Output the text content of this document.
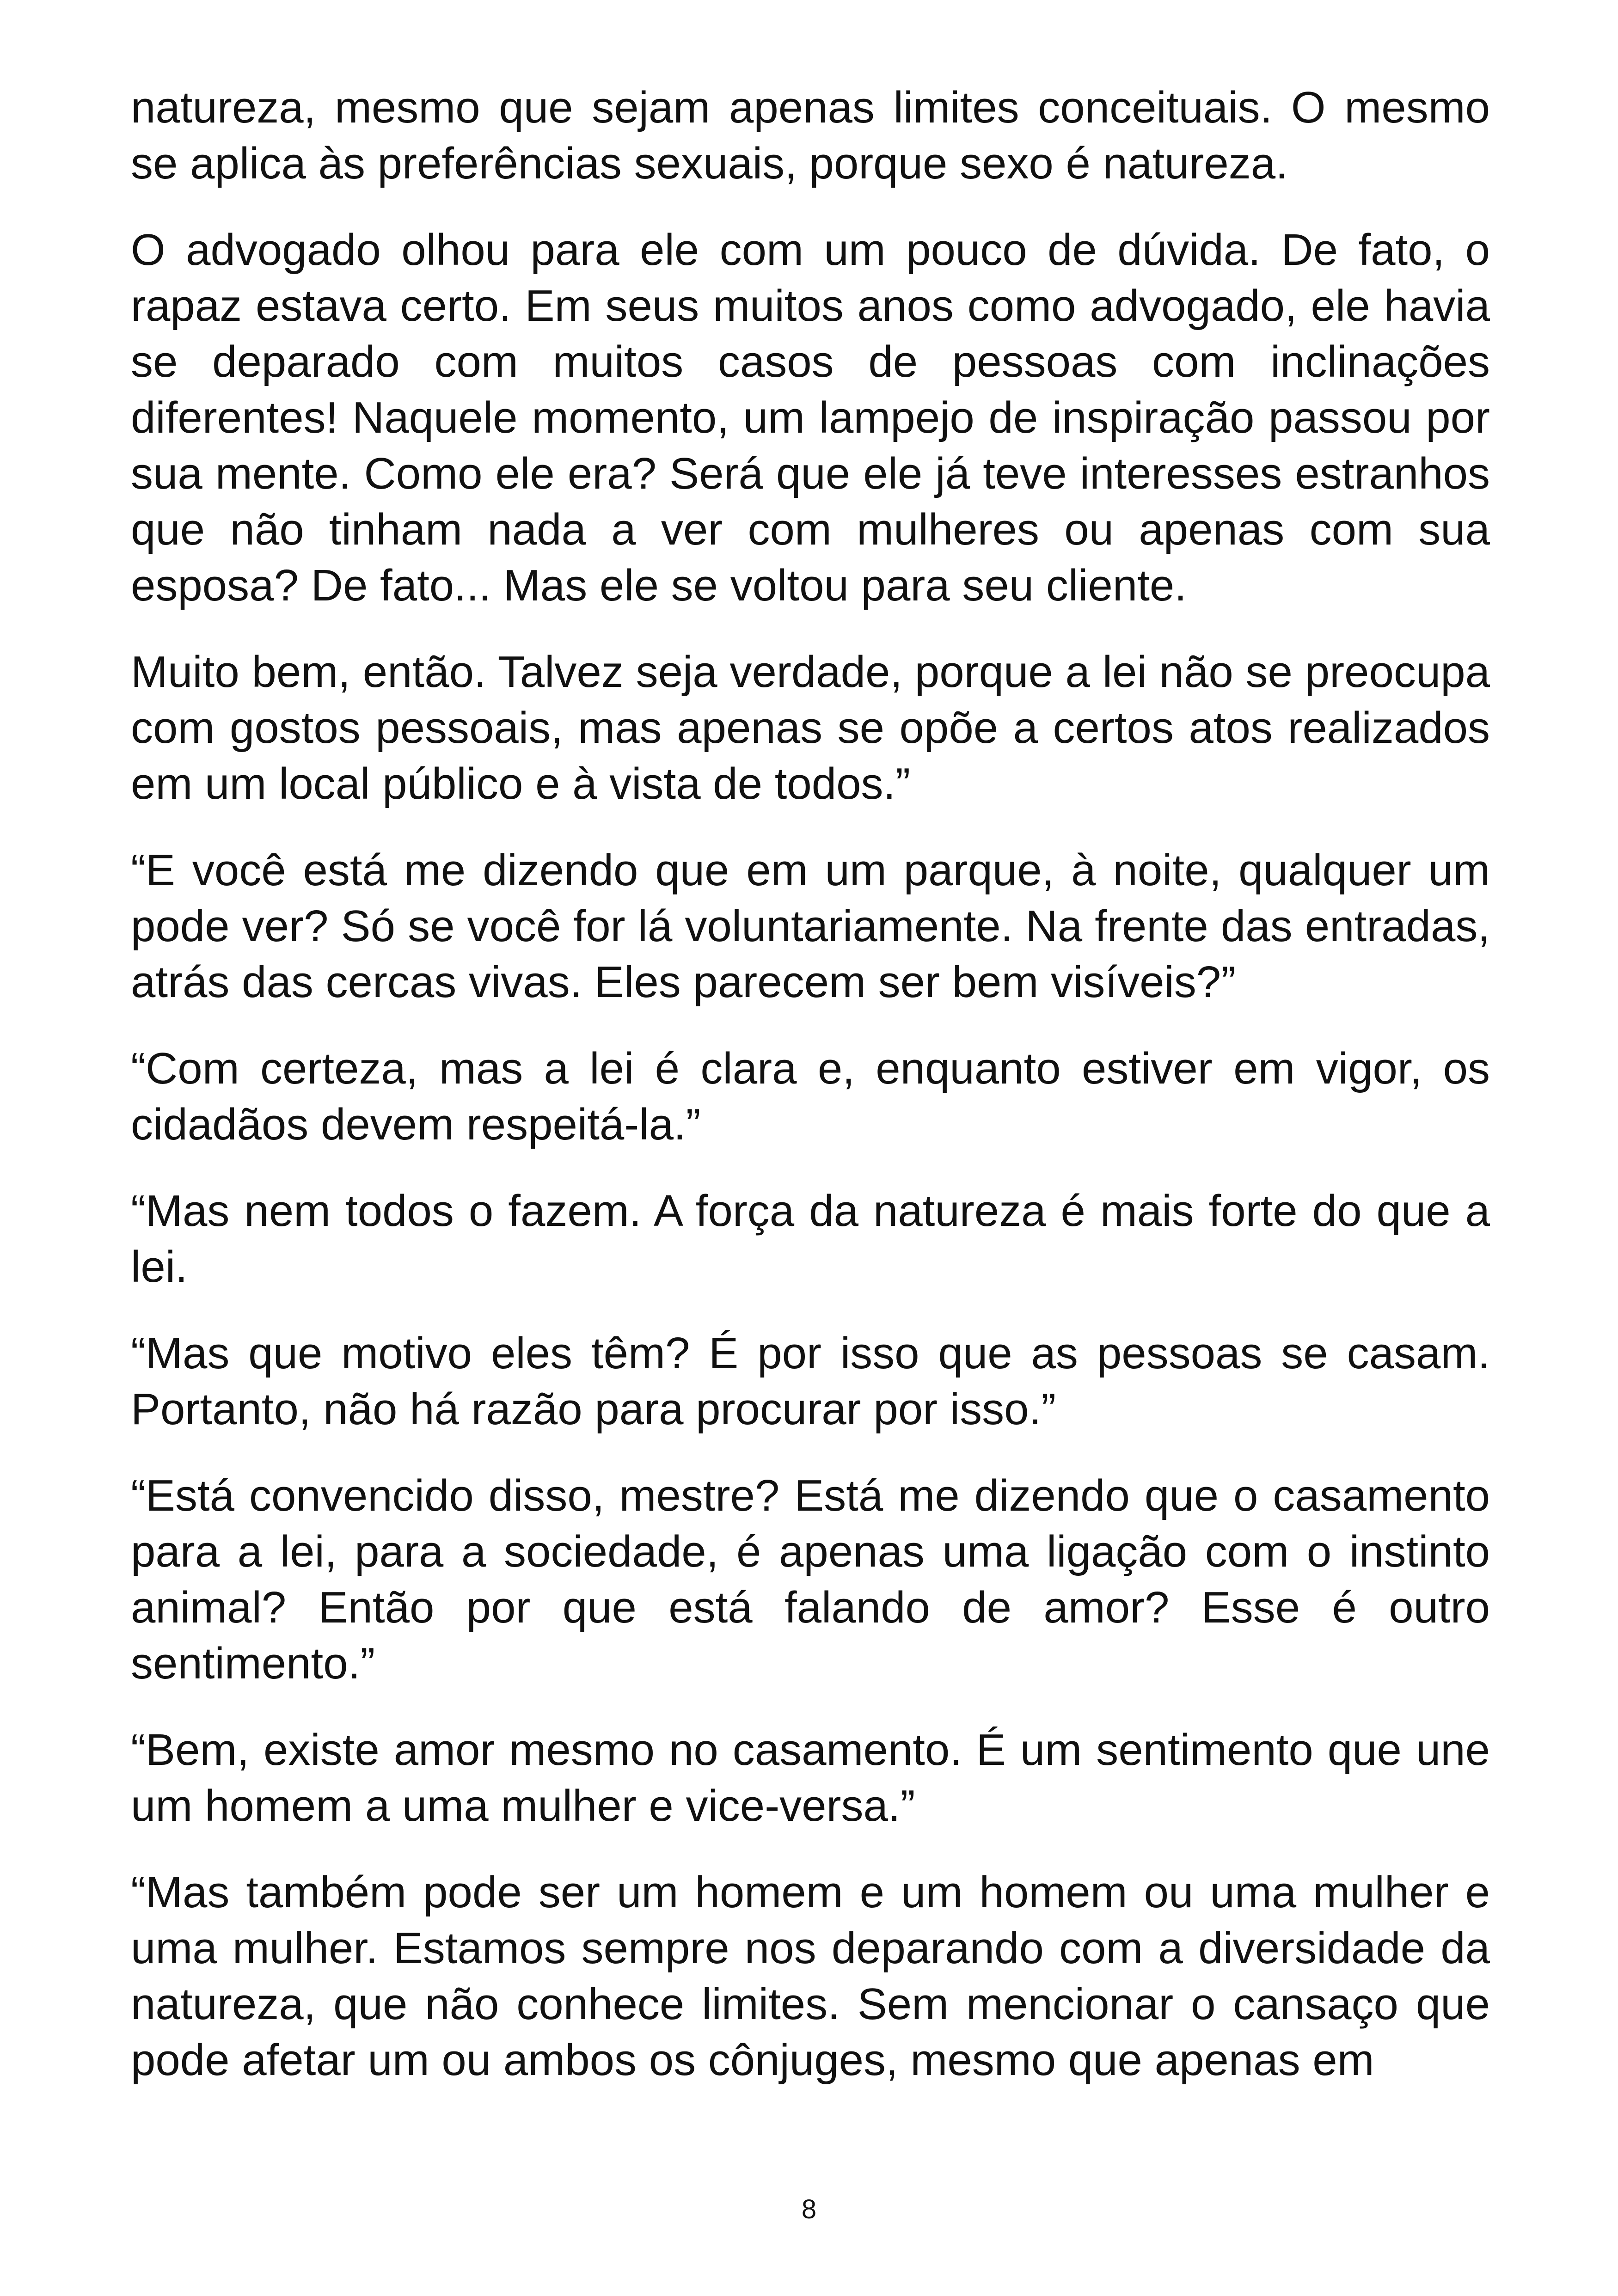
natureza, mesmo que sejam apenas limites conceituais. O mesmo se aplica às preferências sexuais, porque sexo é natureza.

O advogado olhou para ele com um pouco de dúvida. De fato, o rapaz estava certo. Em seus muitos anos como advogado, ele havia se deparado com muitos casos de pessoas com inclinações diferentes! Naquele momento, um lampejo de inspiração passou por sua mente. Como ele era? Será que ele já teve interesses estranhos que não tinham nada a ver com mulheres ou apenas com sua esposa? De fato... Mas ele se voltou para seu cliente.

Muito bem, então. Talvez seja verdade, porque a lei não se preocupa com gostos pessoais, mas apenas se opõe a certos atos realizados em um local público e à vista de todos.”

“E você está me dizendo que em um parque, à noite, qualquer um pode ver? Só se você for lá voluntariamente. Na frente das entradas, atrás das cercas vivas. Eles parecem ser bem visíveis?”

“Com certeza, mas a lei é clara e, enquanto estiver em vigor, os cidadãos devem respeitá-la.”

“Mas nem todos o fazem. A força da natureza é mais forte do que a lei.

“Mas que motivo eles têm? É por isso que as pessoas se casam. Portanto, não há razão para procurar por isso.”

“Está convencido disso, mestre? Está me dizendo que o casamento para a lei, para a sociedade, é apenas uma ligação com o instinto animal? Então por que está falando de amor? Esse é outro sentimento.”

“Bem, existe amor mesmo no casamento. É um sentimento que une um homem a uma mulher e vice-versa.”

“Mas também pode ser um homem e um homem ou uma mulher e uma mulher. Estamos sempre nos deparando com a diversidade da natureza, que não conhece limites. Sem mencionar o cansaço que pode afetar um ou ambos os cônjuges, mesmo que apenas em

8
